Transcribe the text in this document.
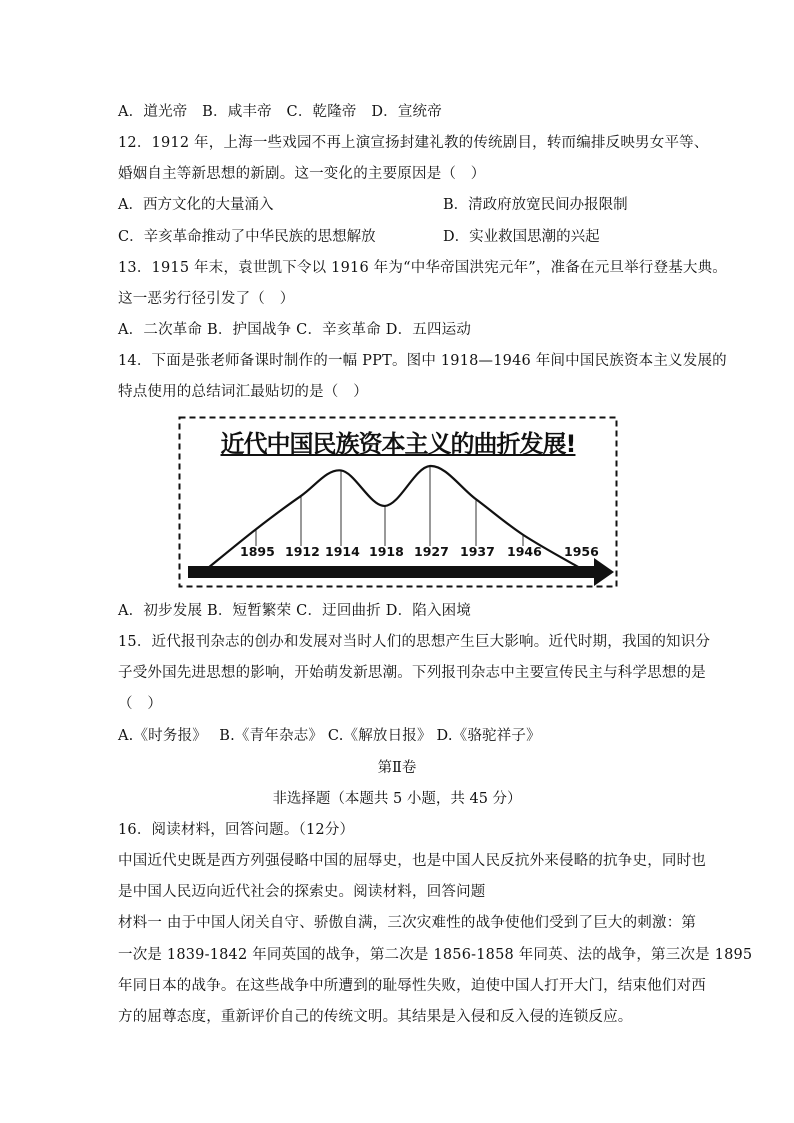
A．道光帝　B．咸丰帝　C．乾隆帝　D．宣统帝
12．1912 年，上海一些戏园不再上演宣扬封建礼教的传统剧目，转而编排反映男女平等、
婚姻自主等新思想的新剧。这一变化的主要原因是（　）
A．西方文化的大量涌入	B．清政府放宽民间办报限制
C．辛亥革命推动了中华民族的思想解放	D．实业救国思潮的兴起
13．1915 年末，袁世凯下令以 1916 年为“中华帝国洪宪元年”，准备在元旦举行登基大典。
这一恶劣行径引发了（　）
A．二次革命 B．护国战争 C．辛亥革命 D．五四运动
14．下面是张老师备课时制作的一幅 PPT。图中 1918—1946 年间中国民族资本主义发展的
特点使用的总结词汇最贴切的是（　）
近代中国民族资本主义的曲折发展!
1895 1912 1914 1918 1927 1937 1946 1956
A．初步发展 B．短暂繁荣 C．迂回曲折 D．陷入困境
15．近代报刊杂志的创办和发展对当时人们的思想产生巨大影响。近代时期，我国的知识分
子受外国先进思想的影响，开始萌发新思潮。下列报刊杂志中主要宣传民主与科学思想的是
（　）
A.《时务报》　 B.《青年杂志》 C.《解放日报》 D.《骆驼祥子》
第Ⅱ卷
非选择题（本题共 5 小题，共 45 分）
16．阅读材料，回答问题。（12分）
中国近代史既是西方列强侵略中国的屈辱史，也是中国人民反抗外来侵略的抗争史，同时也
是中国人民迈向近代社会的探索史。阅读材料，回答问题
材料一 由于中国人闭关自守、骄傲自满，三次灾难性的战争使他们受到了巨大的刺激：第
一次是 1839-1842 年同英国的战争，第二次是 1856-1858 年同英、法的战争，第三次是 1895
年同日本的战争。在这些战争中所遭到的耻辱性失败，迫使中国人打开大门，结束他们对西
方的屈尊态度，重新评价自己的传统文明。其结果是入侵和反入侵的连锁反应。
